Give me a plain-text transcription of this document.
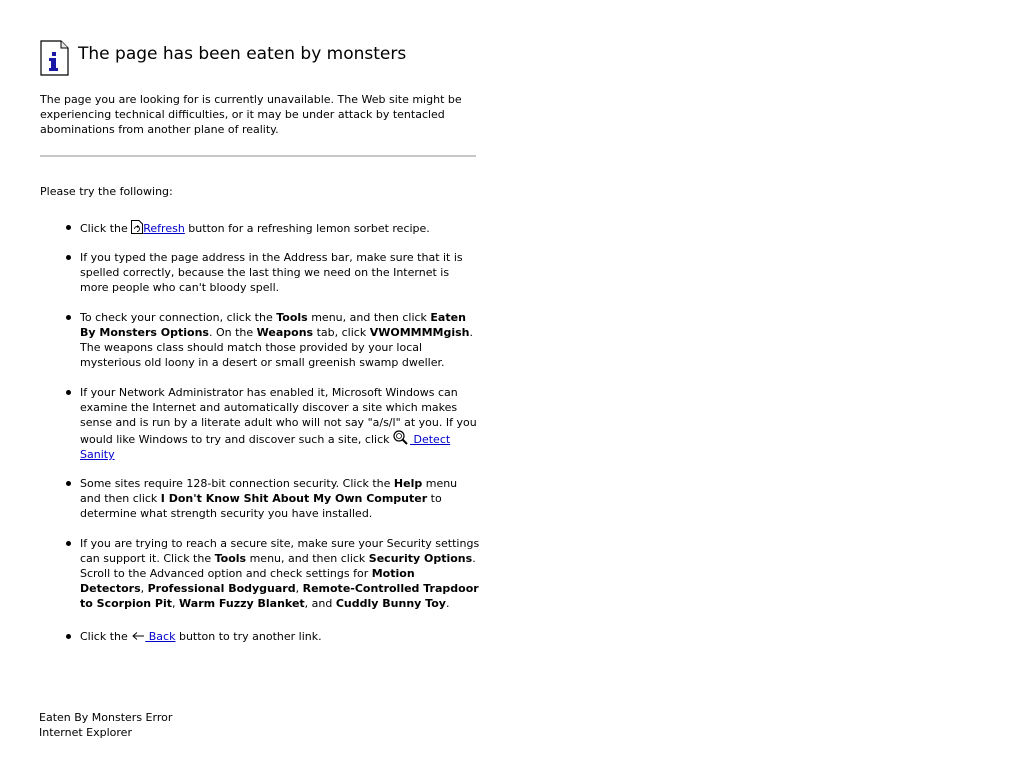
The page has been eaten by monsters

The page you are looking for is currently unavailable. The Web site might be experiencing technical difficulties, or it may be under attack by tentacled abominations from another plane of reality.

Please try the following:

Click the Refresh button for a refreshing lemon sorbet recipe.
If you typed the page address in the Address bar, make sure that it is spelled correctly, because the last thing we need on the Internet is more people who can't bloody spell.
To check your connection, click the Tools menu, and then click Eaten By Monsters Options. On the Weapons tab, click VWOMMMMgish. The weapons class should match those provided by your local mysterious old loony in a desert or small greenish swamp dweller.
If your Network Administrator has enabled it, Microsoft Windows can examine the Internet and automatically discover a site which makes sense and is run by a literate adult who will not say "a/s/l" at you. If you would like Windows to try and discover such a site, click  Detect Sanity
Some sites require 128-bit connection security. Click the Help menu and then click I Don't Know Shit About My Own Computer to determine what strength security you have installed.
If you are trying to reach a secure site, make sure your Security settings can support it. Click the Tools menu, and then click Security Options. Scroll to the Advanced option and check settings for Motion Detectors, Professional Bodyguard, Remote-Controlled Trapdoor to Scorpion Pit, Warm Fuzzy Blanket, and Cuddly Bunny Toy.
Click the  Back button to try another link.

Eaten By Monsters Error

Internet Explorer
